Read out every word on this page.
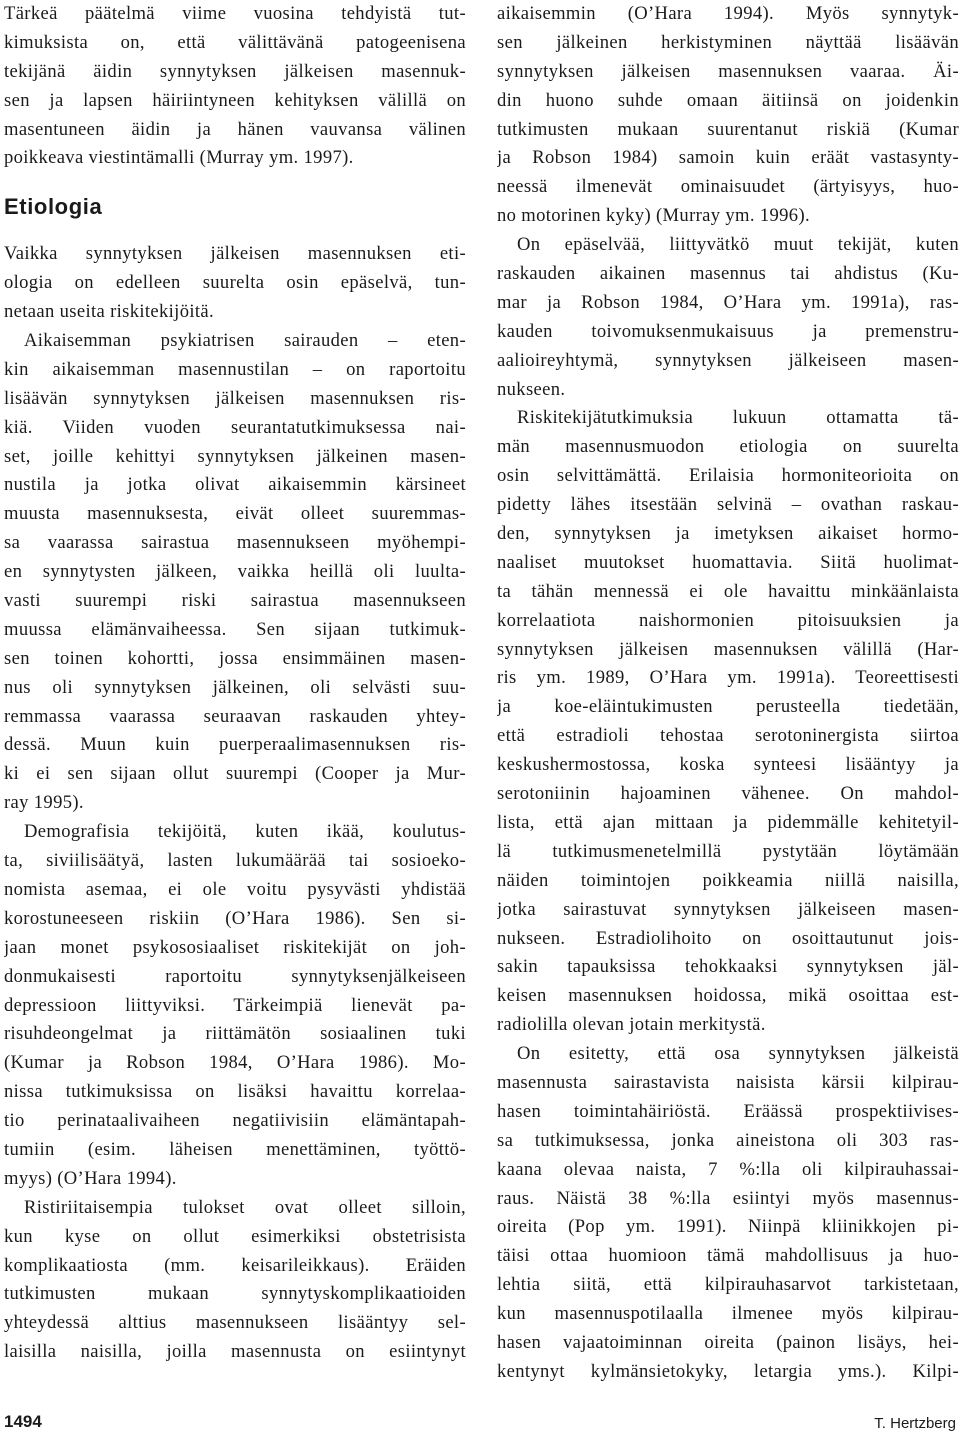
Tärkeä päätelmä viime vuosina tehdyistä tut-
kimuksista on, että välittävänä patogeenisena
tekijänä äidin synnytyksen jälkeisen masennuk-
sen ja lapsen häiriintyneen kehityksen välillä on
masentuneen äidin ja hänen vauvansa välinen
poikkeava viestintämalli (Murray ym. 1997).
Etiologia
Vaikka synnytyksen jälkeisen masennuksen eti-
ologia on edelleen suurelta osin epäselvä, tun-
netaan useita riskitekijöitä.
Aikaisemman psykiatrisen sairauden – eten-
kin aikaisemman masennustilan – on raportoitu
lisäävän synnytyksen jälkeisen masennuksen ris-
kiä. Viiden vuoden seurantatutkimuksessa nai-
set, joille kehittyi synnytyksen jälkeinen masen-
nustila ja jotka olivat aikaisemmin kärsineet
muusta masennuksesta, eivät olleet suuremmas-
sa vaarassa sairastua masennukseen myöhempi-
en synnytysten jälkeen, vaikka heillä oli luulta-
vasti suurempi riski sairastua masennukseen
muussa elämänvaiheessa. Sen sijaan tutkimuk-
sen toinen kohortti, jossa ensimmäinen masen-
nus oli synnytyksen jälkeinen, oli selvästi suu-
remmassa vaarassa seuraavan raskauden yhtey-
dessä. Muun kuin puerperaalimasennuksen ris-
ki ei sen sijaan ollut suurempi (Cooper ja Mur-
ray 1995).
Demografisia tekijöitä, kuten ikää, koulutus-
ta, siviilisäätyä, lasten lukumäärää tai sosioeko-
nomista asemaa, ei ole voitu pysyvästi yhdistää
korostuneeseen riskiin (O’Hara 1986). Sen si-
jaan monet psykososiaaliset riskitekijät on joh-
donmukaisesti raportoitu synnytyksenjälkeiseen
depressioon liittyviksi. Tärkeimpiä lienevät pa-
risuhdeongelmat ja riittämätön sosiaalinen tuki
(Kumar ja Robson 1984, O’Hara 1986). Mo-
nissa tutkimuksissa on lisäksi havaittu korrelaa-
tio perinataalivaiheen negatiivisiin elämäntapah-
tumiin (esim. läheisen menettäminen, työttö-
myys) (O’Hara 1994).
Ristiriitaisempia tulokset ovat olleet silloin,
kun kyse on ollut esimerkiksi obstetrisista
komplikaatiosta (mm. keisarileikkaus). Eräiden
tutkimusten mukaan synnytyskomplikaatioiden
yhteydessä alttius masennukseen lisääntyy sel-
laisilla naisilla, joilla masennusta on esiintynyt
aikaisemmin (O’Hara 1994). Myös synnytyk-
sen jälkeinen herkistyminen näyttää lisäävän
synnytyksen jälkeisen masennuksen vaaraa. Äi-
din huono suhde omaan äitiinsä on joidenkin
tutkimusten mukaan suurentanut riskiä (Kumar
ja Robson 1984) samoin kuin eräät vastasynty-
neessä ilmenevät ominaisuudet (ärtyisyys, huo-
no motorinen kyky) (Murray ym. 1996).
On epäselvää, liittyvätkö muut tekijät, kuten
raskauden aikainen masennus tai ahdistus (Ku-
mar ja Robson 1984, O’Hara ym. 1991a), ras-
kauden toivomuksenmukaisuus ja premenstru-
aalioireyhtymä, synnytyksen jälkeiseen masen-
nukseen.
Riskitekijätutkimuksia lukuun ottamatta tä-
män masennusmuodon etiologia on suurelta
osin selvittämättä. Erilaisia hormoniteorioita on
pidetty lähes itsestään selvinä – ovathan raskau-
den, synnytyksen ja imetyksen aikaiset hormo-
naaliset muutokset huomattavia. Siitä huolimat-
ta tähän mennessä ei ole havaittu minkäänlaista
korrelaatiota naishormonien pitoisuuksien ja
synnytyksen jälkeisen masennuksen välillä (Har-
ris ym. 1989, O’Hara ym. 1991a). Teoreettisesti
ja koe-eläintukimusten perusteella tiedetään,
että estradioli tehostaa serotoninergista siirtoa
keskushermostossa, koska synteesi lisääntyy ja
serotoniinin hajoaminen vähenee. On mahdol-
lista, että ajan mittaan ja pidemmälle kehitetyil-
lä tutkimusmenetelmillä pystytään löytämään
näiden toimintojen poikkeamia niillä naisilla,
jotka sairastuvat synnytyksen jälkeiseen masen-
nukseen. Estradiolihoito on osoittautunut jois-
sakin tapauksissa tehokkaaksi synnytyksen jäl-
keisen masennuksen hoidossa, mikä osoittaa est-
radiolilla olevan jotain merkitystä.
On esitetty, että osa synnytyksen jälkeistä
masennusta sairastavista naisista kärsii kilpirau-
hasen toimintahäiriöstä. Eräässä prospektiivises-
sa tutkimuksessa, jonka aineistona oli 303 ras-
kaana olevaa naista, 7 %:lla oli kilpirauhassai-
raus. Näistä 38 %:lla esiintyi myös masennus-
oireita (Pop ym. 1991). Niinpä kliinikkojen pi-
täisi ottaa huomioon tämä mahdollisuus ja huo-
lehtia siitä, että kilpirauhasarvot tarkistetaan,
kun masennuspotilaalla ilmenee myös kilpirau-
hasen vajaatoiminnan oireita (painon lisäys, hei-
kentynyt kylmänsietokyky, letargia yms.). Kilpi-
1494	T. Hertzberg
